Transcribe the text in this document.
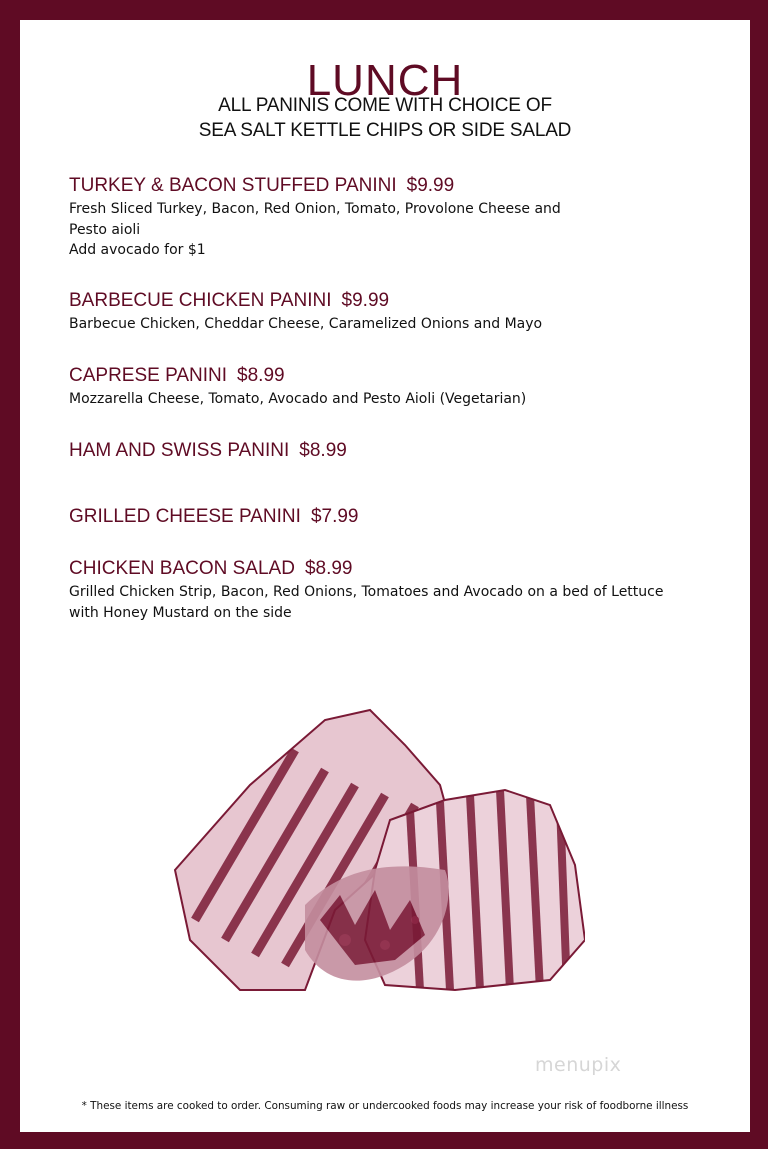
LUNCH
ALL PANINIS COME WITH CHOICE OF
SEA SALT KETTLE CHIPS OR SIDE SALAD
TURKEY & BACON STUFFED PANINI $9.99
Fresh Sliced Turkey, Bacon, Red Onion, Tomato, Provolone Cheese and
Pesto aioli
Add avocado for $1
BARBECUE CHICKEN PANINI $9.99
Barbecue Chicken, Cheddar Cheese, Caramelized Onions and Mayo
CAPRESE PANINI $8.99
Mozzarella Cheese, Tomato, Avocado and Pesto Aioli (Vegetarian)
HAM AND SWISS PANINI $8.99
GRILLED CHEESE PANINI $7.99
CHICKEN BACON SALAD $8.99
Grilled Chicken Strip, Bacon, Red Onions, Tomatoes and Avocado on a bed of Lettuce
with Honey Mustard on the side
menupix
* These items are cooked to order. Consuming raw or undercooked foods may increase your risk of foodborne illness
